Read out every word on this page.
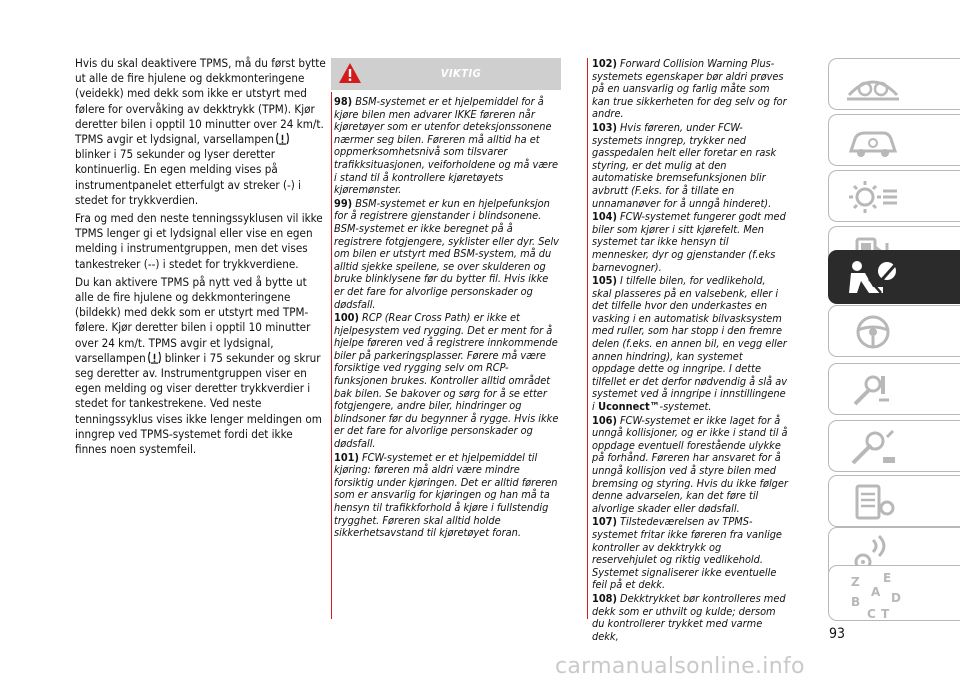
Hvis du skal deaktivere TPMS, må du først bytte ut alle de fire hjulene og dekkmonteringene (veidekk) med dekk som ikke er utstyrt med følere for overvåking av dekktrykk (TPM). Kjør deretter bilen i opptil 10 minutter over 24 km/t. TPMS avgir et lydsignal, varsellampenblinker i 75 sekunder og lyser deretter kontinuerlig. En egen melding vises på instrumentpanelet etterfulgt av streker (-) i stedet for trykkverdien.

Fra og med den neste tenningssyklusen vil ikke TPMS lenger gi et lydsignal eller vise en egen melding i instrumentgruppen, men det vises tankestreker (--) i stedet for trykkverdiene.

Du kan aktivere TPMS på nytt ved å bytte ut alle de fire hjulene og dekkmonteringene (bildekk) med dekk som er utstyrt med TPM-følere. Kjør deretter bilen i opptil 10 minutter over 24 km/t. TPMS avgir et lydsignal, varsellampen blinker i 75 sekunder og skrur seg deretter av. Instrumentgruppen viser en egen melding og viser deretter trykkverdier i stedet for tankestrekene. Ved neste tenningssyklus vises ikke lenger meldingen om inngrep ved TPMS-systemet fordi det ikke finnes noen systemfeil.

VIKTIG

98) BSM-systemet er et hjelpemiddel for å kjøre bilen men advarer IKKE føreren når kjøretøyer som er utenfor deteksjonssonene nærmer seg bilen. Føreren må alltid ha et oppmerksomhetsnivå som tilsvarer trafikksituasjonen, veiforholdene og må være i stand til å kontrollere kjøretøyets kjøremønster.

99) BSM-systemet er kun en hjelpefunksjon for å registrere gjenstander i blindsonene. BSM-systemet er ikke beregnet på å registrere fotgjengere, syklister eller dyr. Selv om bilen er utstyrt med BSM-system, må du alltid sjekke speilene, se over skulderen og bruke blinklysene før du bytter fil. Hvis ikke er det fare for alvorlige personskader og dødsfall.

100) RCP (Rear Cross Path) er ikke et hjelpesystem ved rygging. Det er ment for å hjelpe føreren ved å registrere innkommende biler på parkeringsplasser. Førere må være forsiktige ved rygging selv om RCP-funksjonen brukes. Kontroller alltid området bak bilen. Se bakover og sørg for å se etter fotgjengere, andre biler, hindringer og blindsoner før du begynner å rygge. Hvis ikke er det fare for alvorlige personskader og dødsfall.

101) FCW-systemet er et hjelpemiddel til kjøring: føreren må aldri være mindre forsiktig under kjøringen. Det er alltid føreren som er ansvarlig for kjøringen og han må ta hensyn til trafikkforhold å kjøre i fullstendig trygghet. Føreren skal alltid holde sikkerhetsavstand til kjøretøyet foran.

102) Forward Collision Warning Plus-systemets egenskaper bør aldri prøves på en uansvarlig og farlig måte som kan true sikkerheten for deg selv og for andre.

103) Hvis føreren, under FCW-systemets inngrep, trykker ned gasspedalen helt eller foretar en rask styring, er det mulig at den automatiske bremsefunksjonen blir avbrutt (F.eks. for å tillate en unnamanøver for å unngå hinderet).

104) FCW-systemet fungerer godt med biler som kjører i sitt kjørefelt. Men systemet tar ikke hensyn til mennesker, dyr og gjenstander (f.eks barnevogner).

105) I tilfelle bilen, for vedlikehold, skal plasseres på en valsebenk, eller i det tilfelle hvor den underkastes en vasking i en automatisk bilvasksystem med ruller, som har stopp i den fremre delen (f.eks. en annen bil, en vegg eller annen hindring), kan systemet oppdage dette og inngripe. I dette tilfellet er det derfor nødvendig å slå av systemet ved å inngripe i innstillingene i Uconnect™-systemet.

106) FCW-systemet er ikke laget for å unngå kollisjoner, og er ikke i stand til å oppdage eventuell forestående ulykke på forhånd. Føreren har ansvaret for å unngå kollisjon ved å styre bilen med bremsing og styring. Hvis du ikke følger denne advarselen, kan det føre til alvorlige skader eller dødsfall.

107) Tilstedeværelsen av TPMS-systemet fritar ikke føreren fra vanlige kontroller av dekktrykk og reservehjulet og riktig vedlikehold. Systemet signaliserer ikke eventuelle feil på et dekk.

108) Dekktrykket bør kontrolleres med dekk som er uthvilt og kulde; dersom du kontrollerer trykket med varme dekk,

Z E
B	D
C T
A
93
carmanualsonline.info
